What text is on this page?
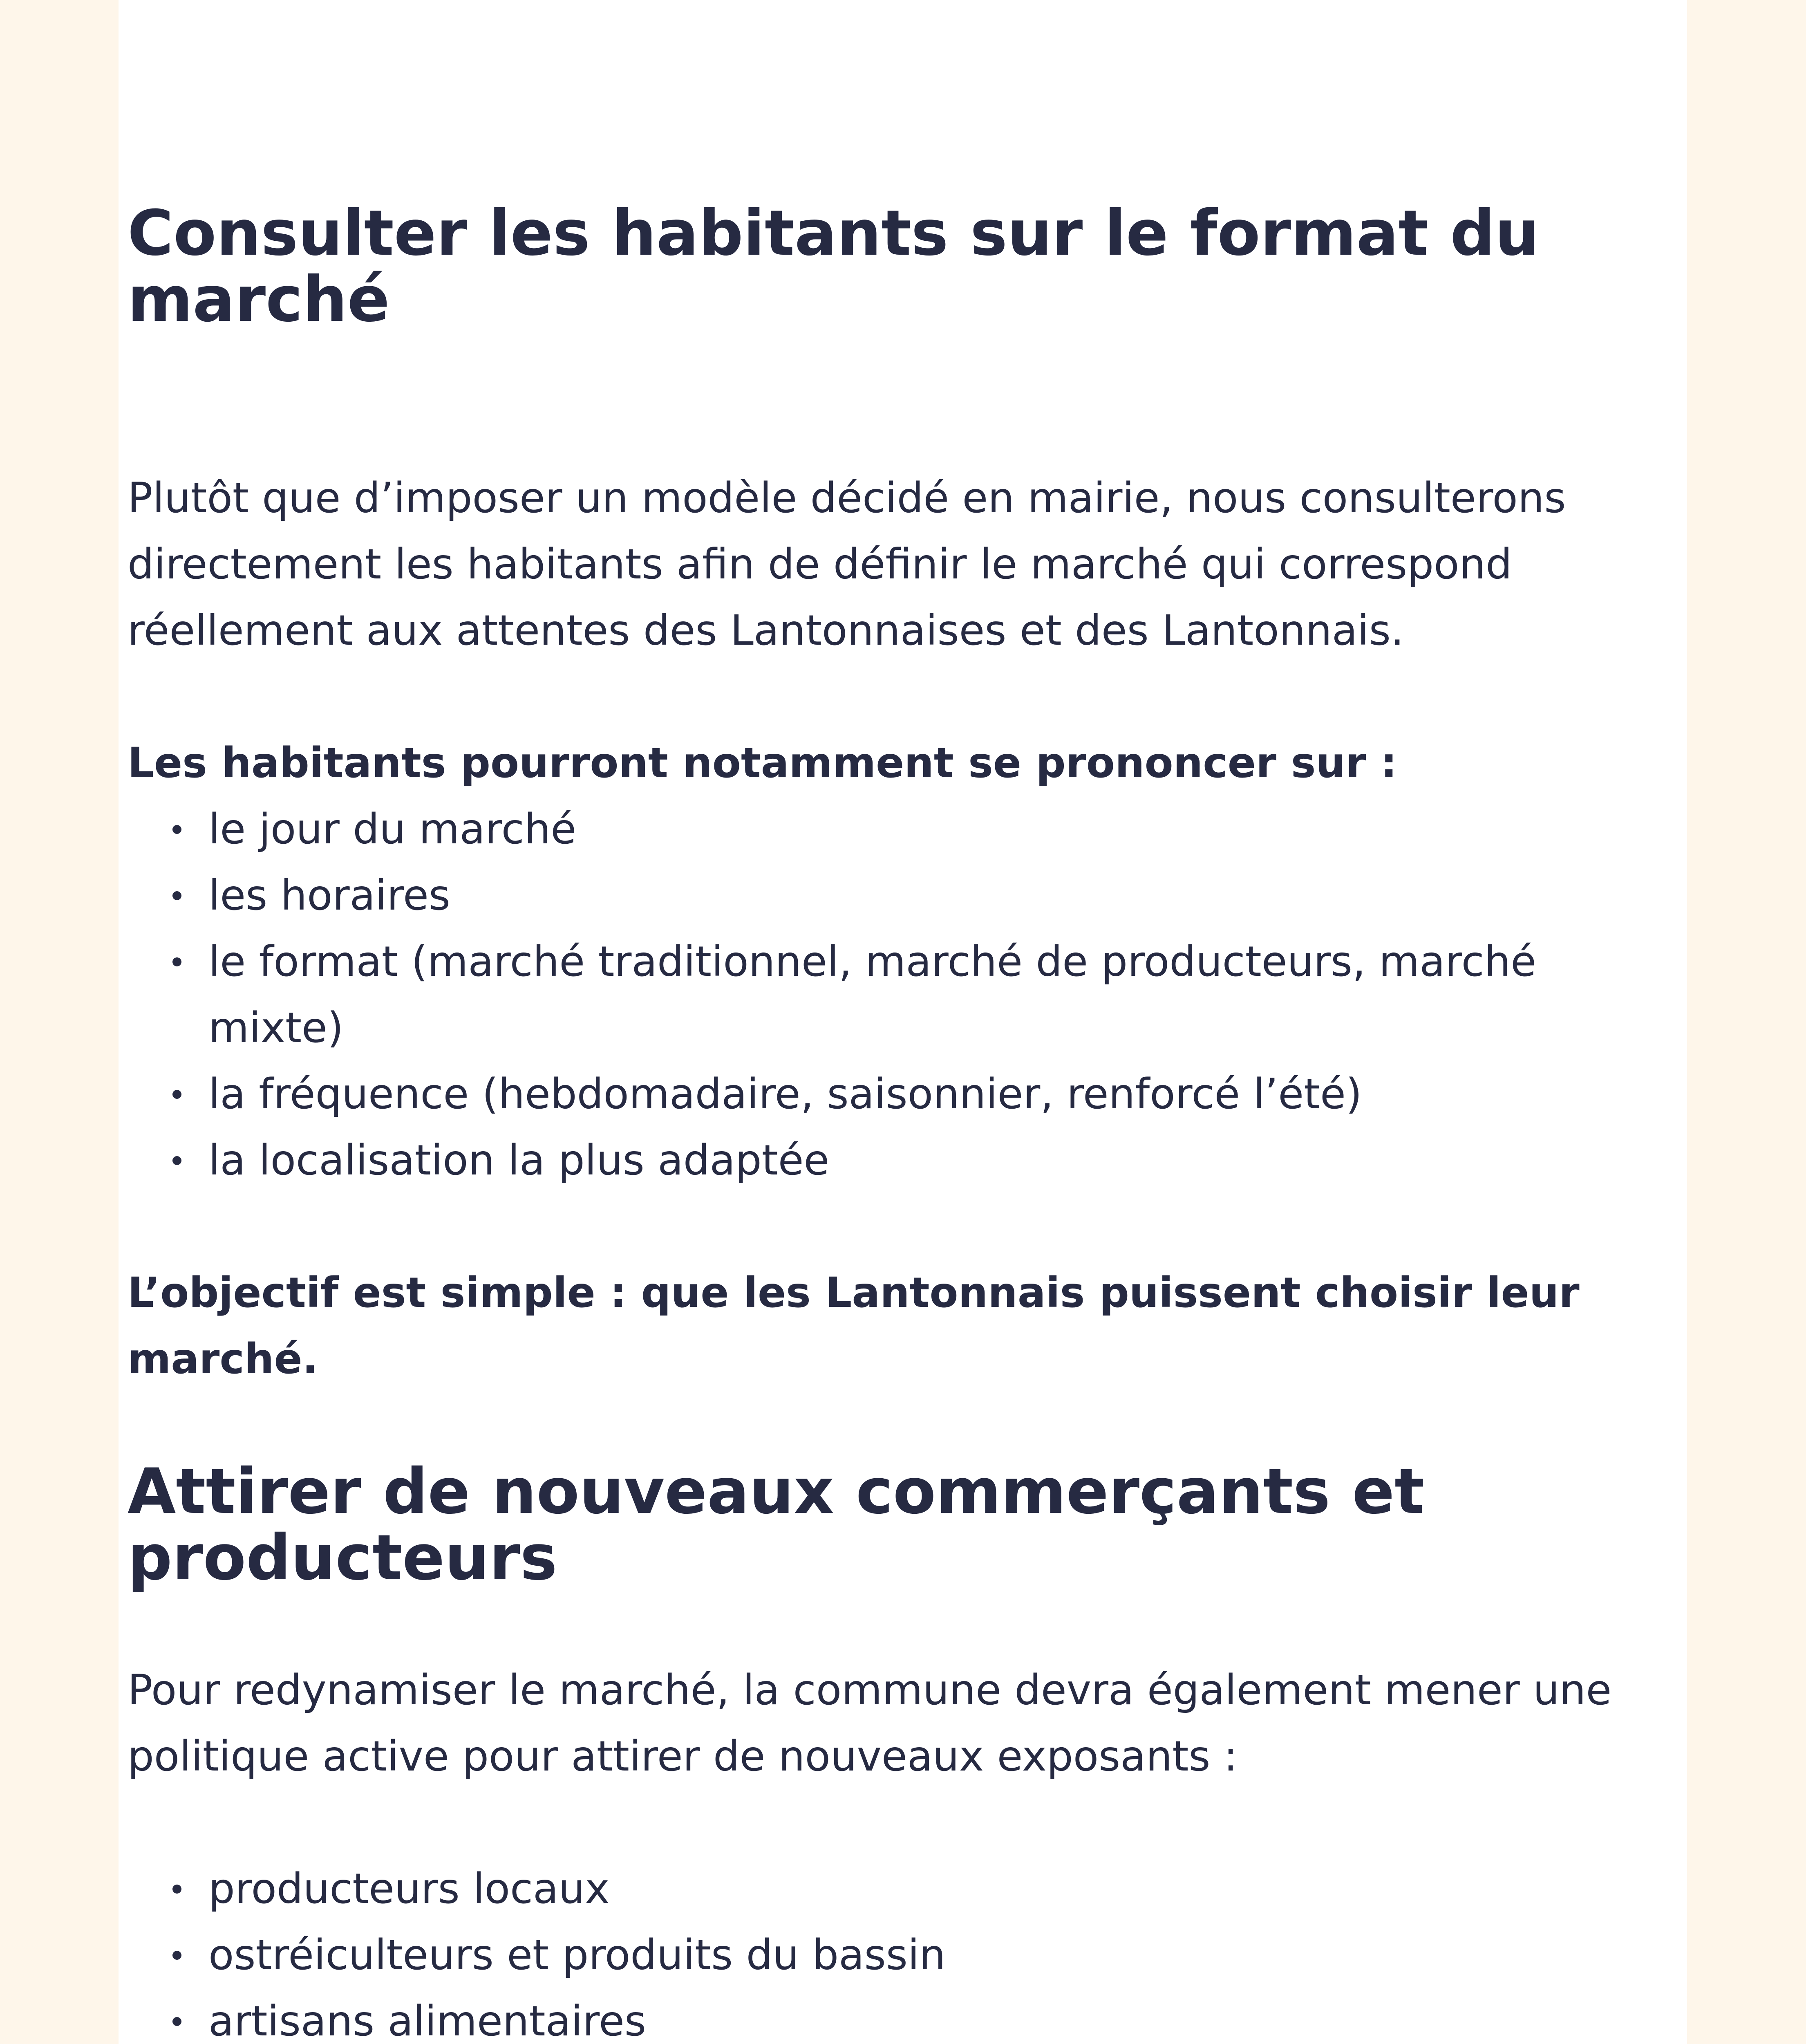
Consulter les habitants sur le format du marché

Plutôt que d’imposer un modèle décidé en mairie, nous consulterons directement les habitants afin de définir le marché qui correspond réellement aux attentes des Lantonnaises et des Lantonnais.

Les habitants pourront notamment se prononcer sur :

le jour du marché
les horaires
le format (marché traditionnel, marché de producteurs, marché mixte)
la fréquence (hebdomadaire, saisonnier, renforcé l’été)
la localisation la plus adaptée

L’objectif est simple : que les Lantonnais puissent choisir leur marché.

Attirer de nouveaux commerçants et producteurs

Pour redynamiser le marché, la commune devra également mener une politique active pour attirer de nouveaux exposants :

producteurs locaux
ostréiculteurs et produits du bassin
artisans alimentaires
